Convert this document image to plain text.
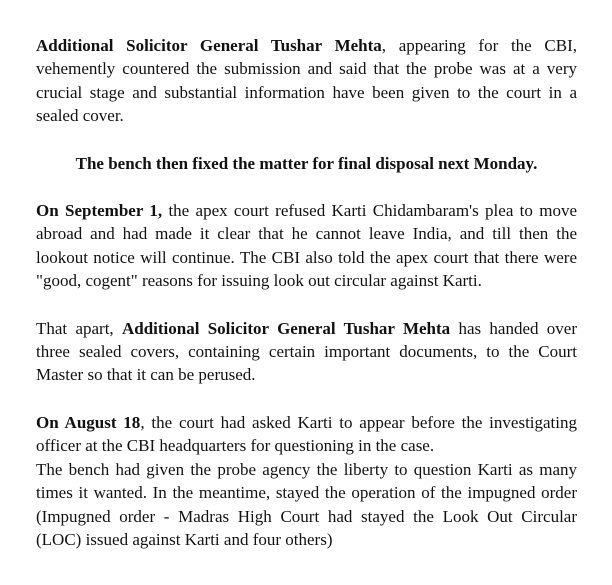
Additional Solicitor General Tushar Mehta, appearing for the CBI, vehemently countered the submission and said that the probe was at a very crucial stage and substantial information have been given to the court in a sealed cover.

The bench then fixed the matter for final disposal next Monday.

On September 1, the apex court refused Karti Chidambaram's plea to move abroad and had made it clear that he cannot leave India, and till then the lookout notice will continue. The CBI also told the apex court that there were "good, cogent" reasons for issuing look out circular against Karti.

That apart, Additional Solicitor General Tushar Mehta has handed over three sealed covers, containing certain important documents, to the Court Master so that it can be perused.

On August 18, the court had asked Karti to appear before the investigating officer at the CBI headquarters for questioning in the case.

The bench had given the probe agency the liberty to question Karti as many times it wanted. In the meantime, stayed the operation of the impugned order (Impugned order - Madras High Court had stayed the Look Out Circular (LOC) issued against Karti and four others)
